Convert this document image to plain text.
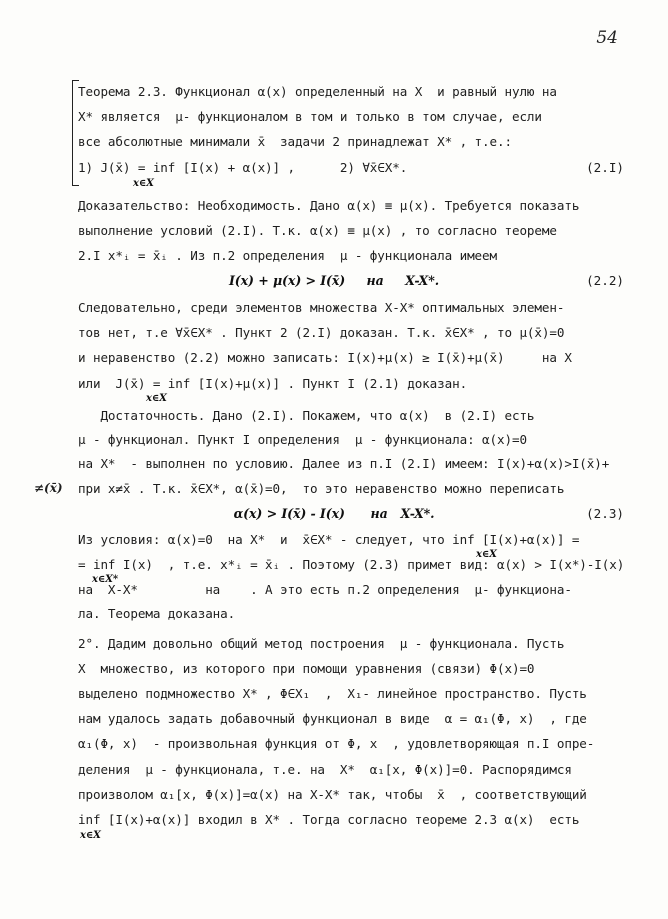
54
Теорема 2.3. Функционал α(x) определенный на X  и равный нулю на
X* является  μ- функционалом в том и только в том случае, если
все абсолютные минимали x̄  задачи 2 принадлежат X* , т.е.:
1) J(x̄) = inf [I(x) + α(x)] ,      2) ∀x̄∈X*.
Доказательство: Необходимость. Дано α(x) ≡ μ(x). Требуется показать
выполнение условий (2.I). Т.к. α(x) ≡ μ(x) , то согласно теореме
2.I x*ᵢ = x̄ᵢ . Из п.2 определения  μ - функционала имеем
Следовательно, среди элементов множества X-X* оптимальных элемен-
тов нет, т.е ∀x̄∈X* . Пункт 2 (2.I) доказан. Т.к. x̄∈X* , то μ(x̄)=0
и неравенство (2.2) можно записать: I(x)+μ(x) ≥ I(x̄)+μ(x̄)     на X
или  J(x̄) = inf [I(x)+μ(x)] . Пункт I (2.1) доказан.
Достаточность. Дано (2.I). Покажем, что α(x)  в (2.I) есть
μ - функционал. Пункт I определения  μ - функционала: α(x)=0
на X*  - выполнен по условию. Далее из п.I (2.I) имеем: I(x)+α(x)>I(x̄)+
при x≠x̄ . Т.к. x̄∈X*, α(x̄)=0,  то это неравенство можно переписать
Из условия: α(x)=0  на X*  и  x̄∈X* - следует, что inf [I(x)+α(x)] =
= inf I(x)  , т.е. x*ᵢ = x̄ᵢ . Поэтому (2.3) примет вид: α(x) > I(x*)-I(x)
на  X-X*         на    . А это есть п.2 определения  μ- функциона-
ла. Теорема доказана.
2°. Дадим довольно общий метод построения  μ - функционала. Пусть
X  множество, из которого при помощи уравнения (связи) Φ(x)=0
выделено подмножество X* , Φ∈X₁  ,  X₁- линейное пространство. Пусть
нам удалось задать добавочный функционал в виде  α = α₁(Φ, x)  , где
α₁(Φ, x)  - произвольная функция от Φ, x  , удовлетворяющая п.I опре-
деления  μ - функционала, т.е. на  X*  α₁[x, Φ(x)]=0. Распорядимся
произволом α₁[x, Φ(x)]=α(x) на X-X* так, чтобы  x̄  , соответствующий
inf [I(x)+α(x)] входил в X* . Тогда согласно теореме 2.3 α(x)  есть
I(x) + μ(x) > I(x̄)     на     X-X*.
α(x) > I(x̄) - I(x)      на   X-X*.
x∈X
x∈X
x∈X
x∈X*
x∈X
(2.I)
(2.2)
(2.3)
≠(x̄)
